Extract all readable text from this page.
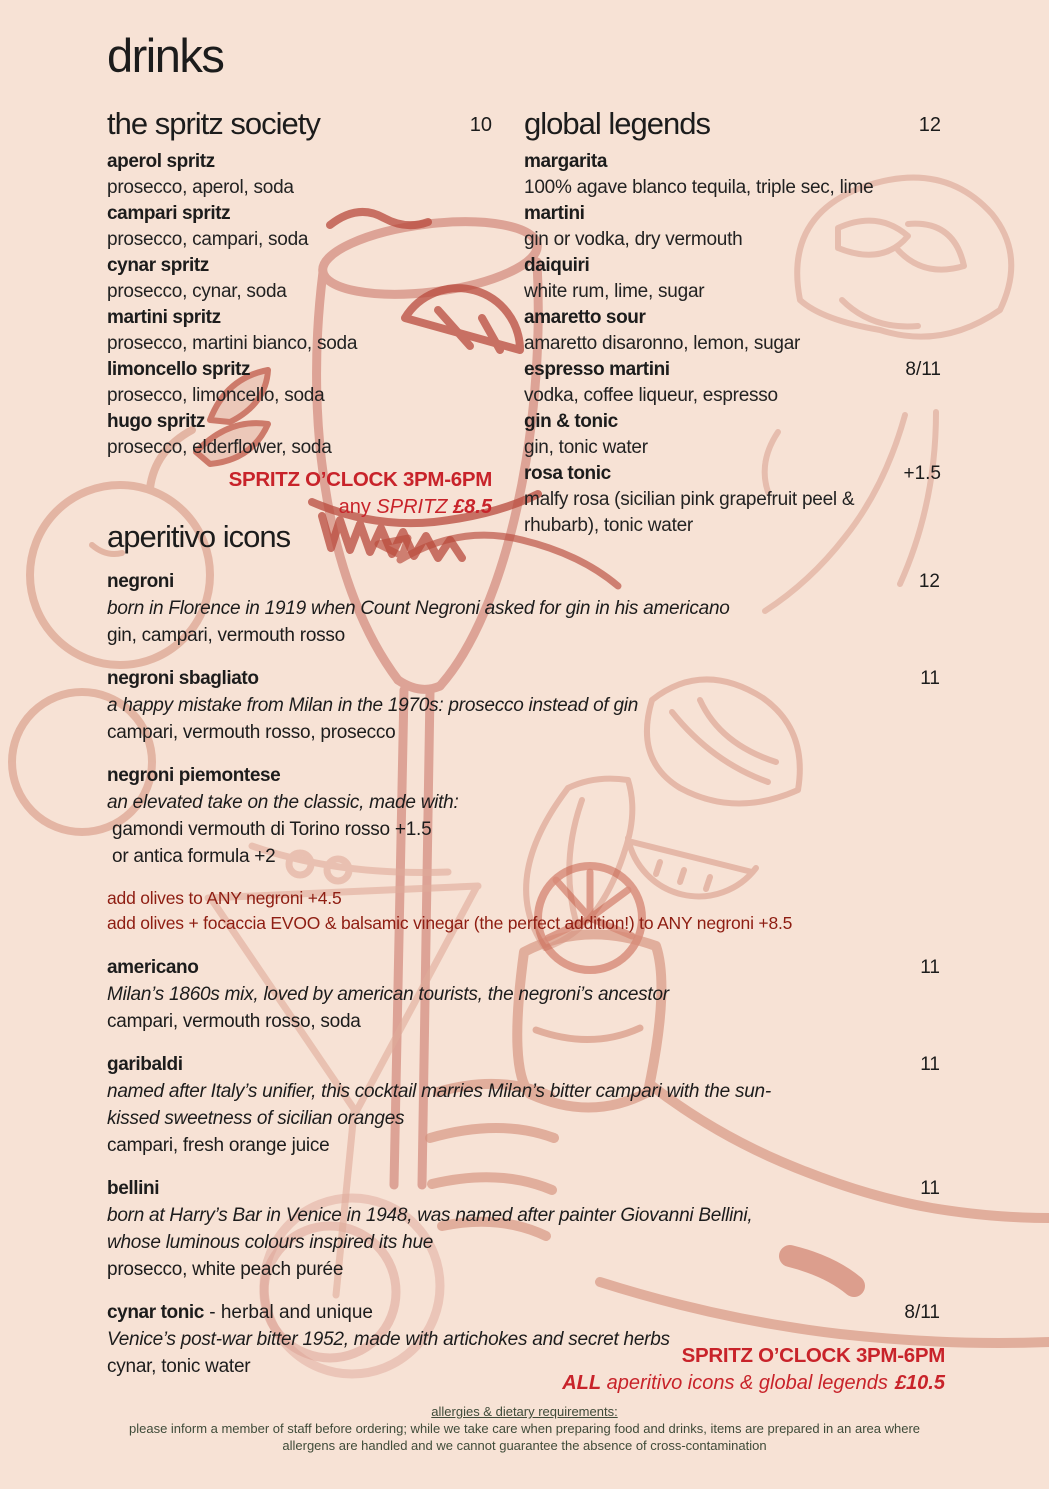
drinks
the spritz society	10
aperol spritz
prosecco, aperol, soda
campari spritz
prosecco, campari, soda
cynar spritz
prosecco, cynar, soda
martini spritz
prosecco, martini bianco, soda
limoncello spritz
prosecco, limoncello, soda
hugo spritz
prosecco, elderflower, soda
SPRITZ O’CLOCK 3PM-6PM
any SPRITZ £8.5
global legends	12
margarita
100% agave blanco tequila, triple sec, lime
martini
gin or vodka, dry vermouth
daiquiri
white rum, lime, sugar
amaretto sour
amaretto disaronno, lemon, sugar
espresso martini	8/11
vodka, coffee liqueur, espresso
gin & tonic
gin, tonic water
rosa tonic	+1.5
malfy rosa (sicilian pink grapefruit peel & rhubarb), tonic water
aperitivo icons
negroni	12
born in Florence in 1919 when Count Negroni asked for gin in his americano
gin, campari, vermouth rosso
negroni sbagliato	11
a happy mistake from Milan in the 1970s: prosecco instead of gin
campari, vermouth rosso, prosecco
negroni piemontese
an elevated take on the classic, made with:
gamondi vermouth di Torino rosso +1.5
or antica formula +2
add olives to ANY negroni +4.5
add olives + focaccia EVOO & balsamic vinegar (the perfect addition!) to ANY negroni +8.5
americano	11
Milan’s 1860s mix, loved by american tourists, the negroni’s ancestor
campari, vermouth rosso, soda
garibaldi	11
named after Italy’s unifier, this cocktail marries Milan’s bitter campari with the sun-kissed sweetness of sicilian oranges
campari, fresh orange juice
bellini	11
born at Harry’s Bar in Venice in 1948, was named after painter Giovanni Bellini, whose luminous colours inspired its hue
prosecco, white peach purée
cynar tonic - herbal and unique	8/11
Venice’s post-war bitter 1952, made with artichokes and secret herbs
cynar, tonic water	SPRITZ O’CLOCK 3PM-6PM
ALL aperitivo icons & global legends £10.5
allergies & dietary requirements:
please inform a member of staff before ordering; while we take care when preparing food and drinks, items are prepared in an area where allergens are handled and we cannot guarantee the absence of cross-contamination
